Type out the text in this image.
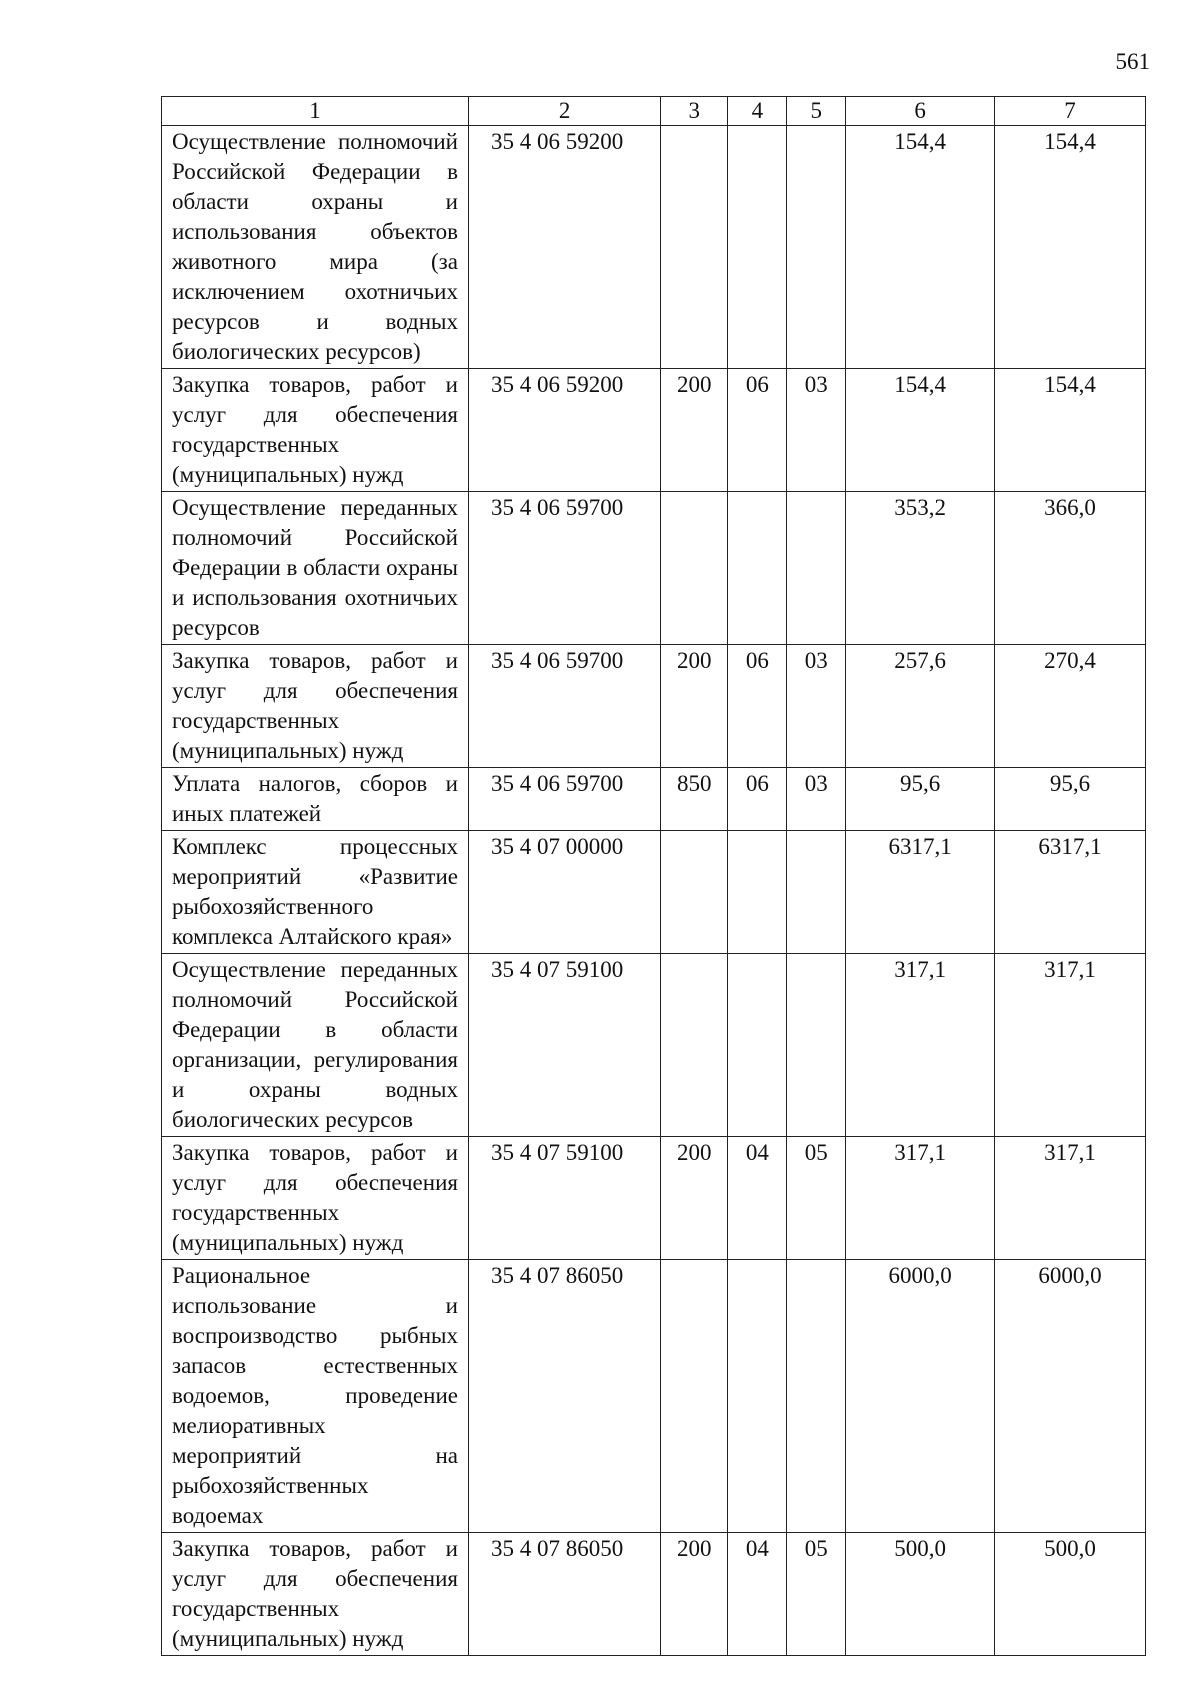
561
1	2	3	4	5	6	7
Осуществление полномочий Российской Федерации в области охраны и использования объектов животного мира (за исключением охотничьих ресурсов и водных биологических ресурсов)	35 4 06 59200				154,4	154,4
Закупка товаров, работ и услуг для обеспечения государственных (муниципальных) нужд	35 4 06 59200	200	06	03	154,4	154,4
Осуществление переданных полномочий Российской Федерации в области охраны и использования охотничьих ресурсов	35 4 06 59700				353,2	366,0
Закупка товаров, работ и услуг для обеспечения государственных (муниципальных) нужд	35 4 06 59700	200	06	03	257,6	270,4
Уплата налогов, сборов и иных платежей	35 4 06 59700	850	06	03	95,6	95,6
Комплекс процессных мероприятий «Развитие рыбохозяйственного комплекса Алтайского края»	35 4 07 00000				6317,1	6317,1
Осуществление переданных полномочий Российской Федерации в области организации, регулирования и охраны водных биологических ресурсов	35 4 07 59100				317,1	317,1
Закупка товаров, работ и услуг для обеспечения государственных (муниципальных) нужд	35 4 07 59100	200	04	05	317,1	317,1
Рациональное использование и воспроизводство рыбных запасов естественных водоемов, проведение мелиоративных мероприятий на рыбохозяйственных водоемах	35 4 07 86050				6000,0	6000,0
Закупка товаров, работ и услуг для обеспечения государственных (муниципальных) нужд	35 4 07 86050	200	04	05	500,0	500,0
